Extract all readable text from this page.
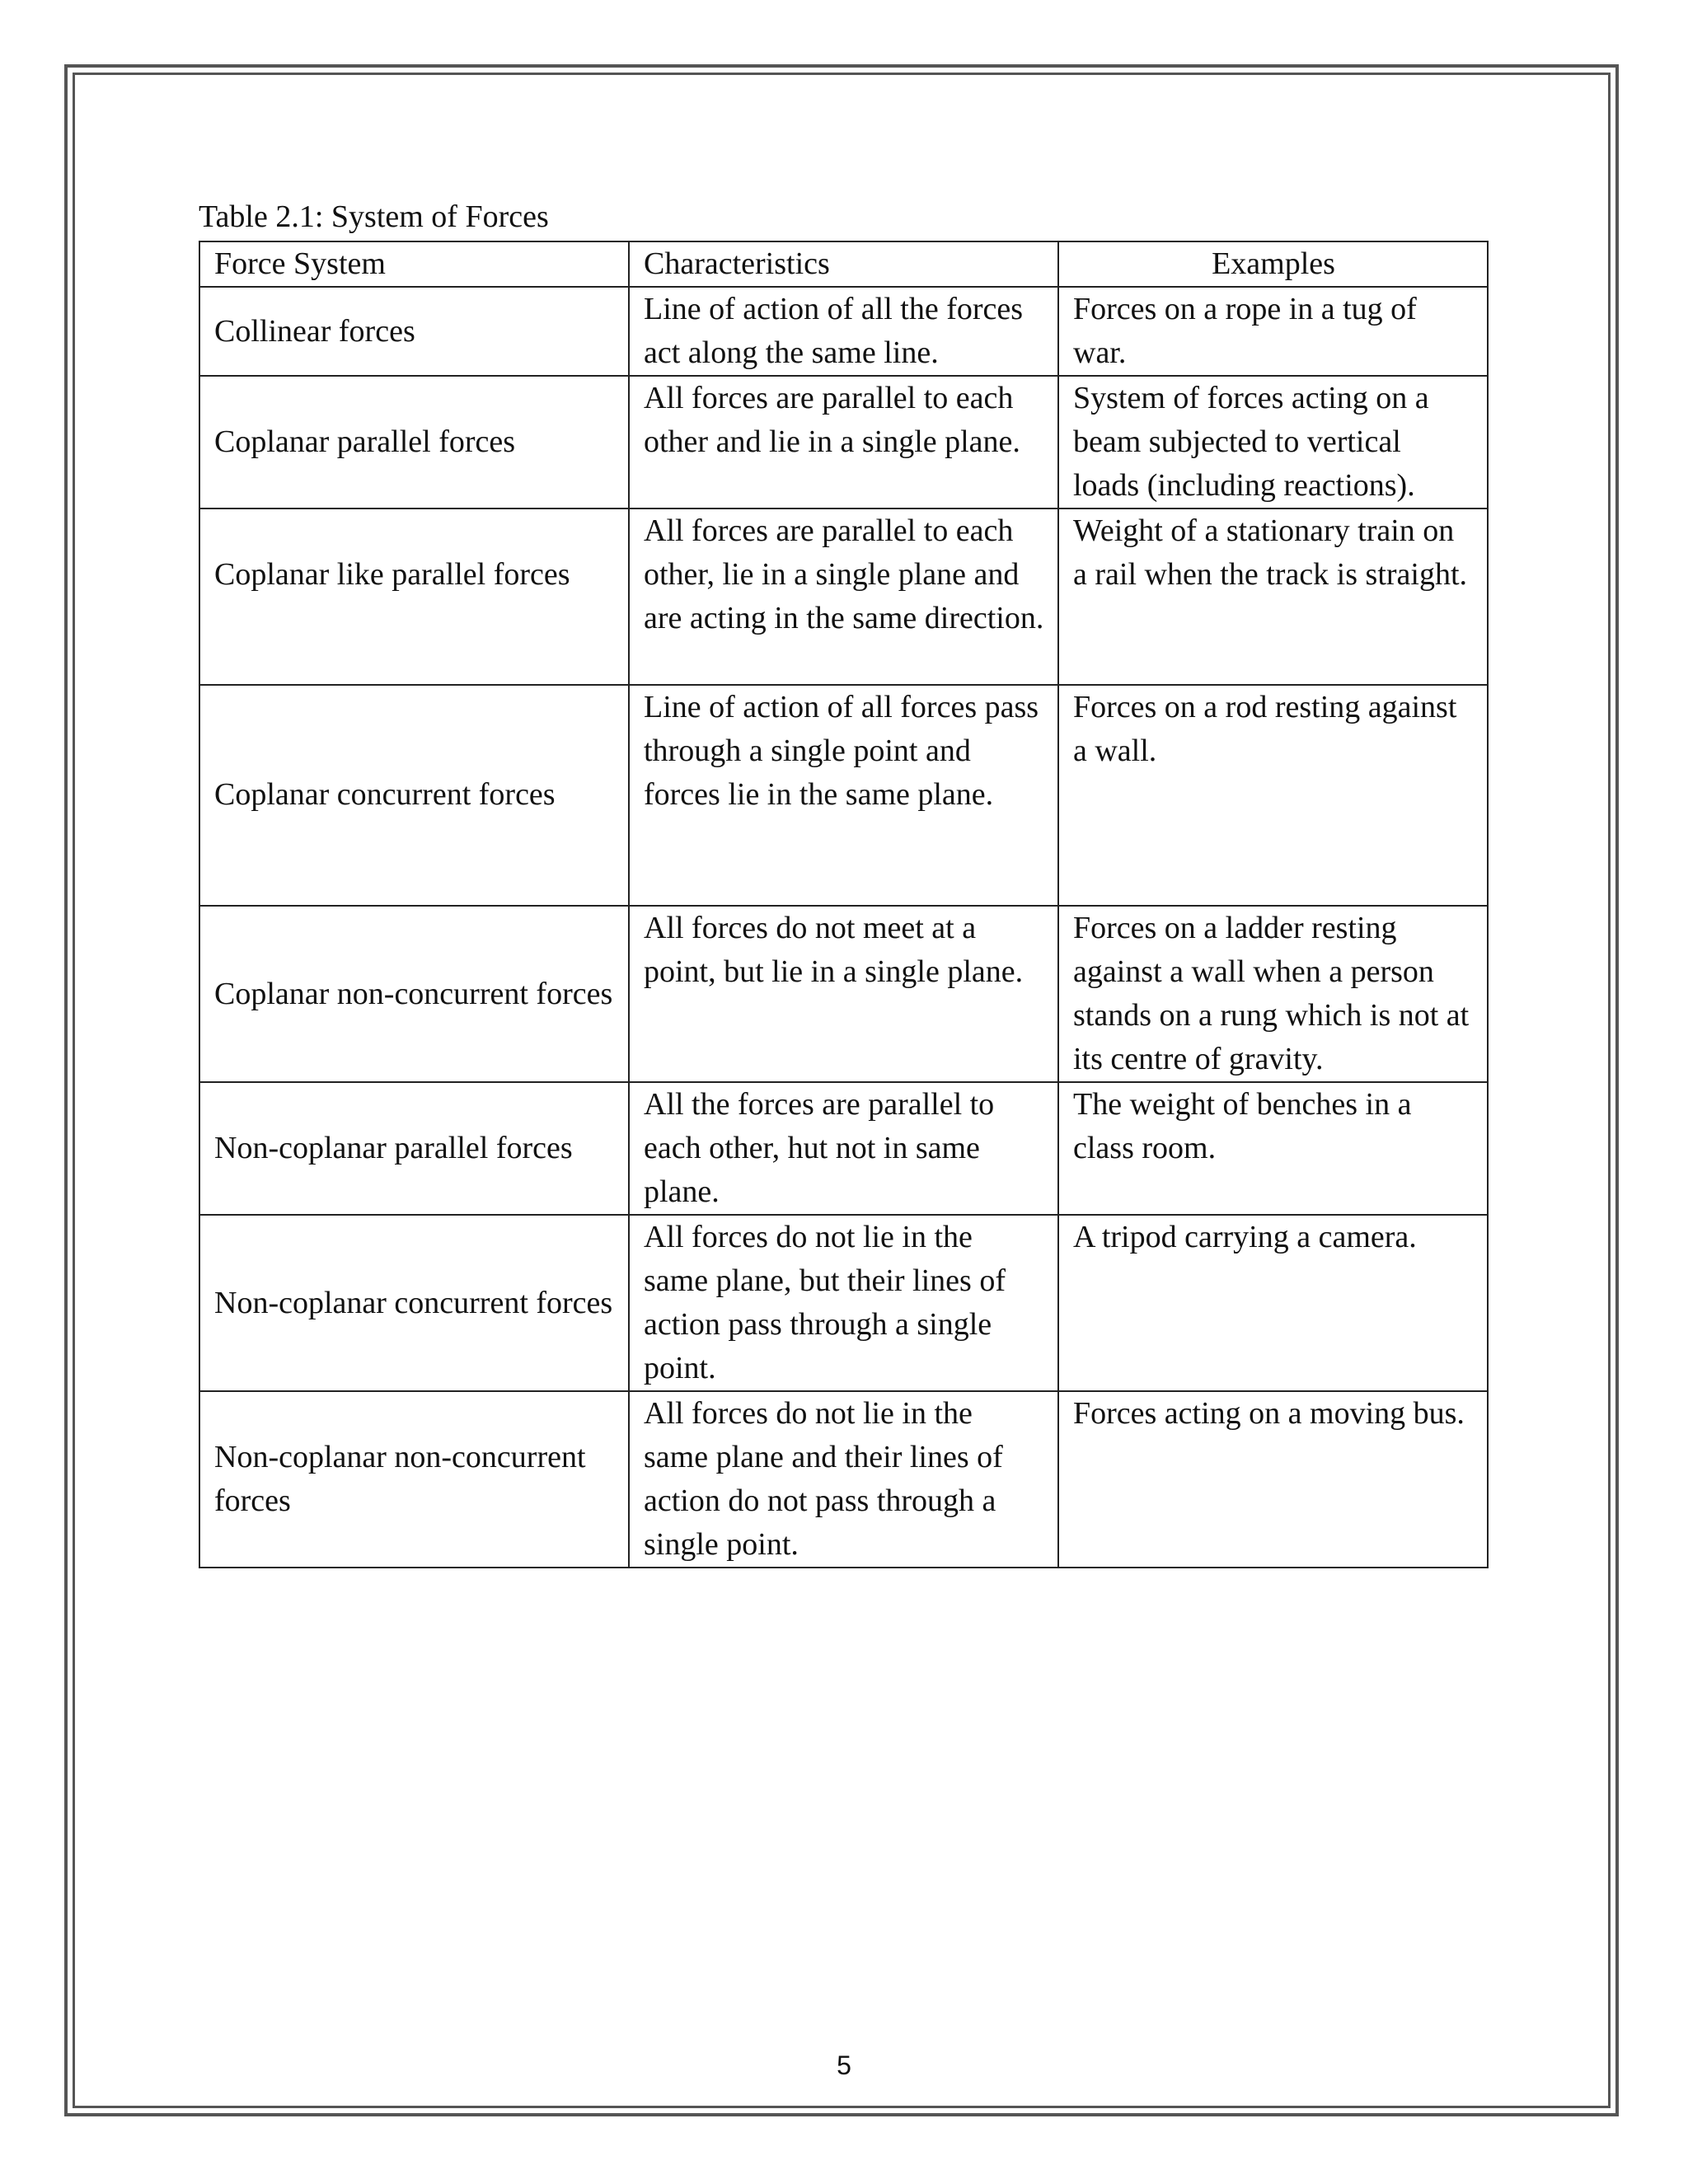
Table 2.1: System of Forces
Force System	Characteristics	Examples
Collinear forces	Line of action of all the forces act along the same line.	Forces on a rope in a tug of war.
Coplanar parallel forces	All forces are parallel to each other and lie in a single plane.	System of forces acting on a beam subjected to vertical loads (including reactions).
Coplanar like parallel forces	All forces are parallel to each other, lie in a single plane and are acting in the same direction.	Weight of a stationary train on a rail when the track is straight.
Coplanar concurrent forces	Line of action of all forces pass through a single point and forces lie in the same plane.	Forces on a rod resting against a wall.
Coplanar non-concurrent forces	All forces do not meet at a point, but lie in a single plane.	Forces on a ladder resting against a wall when a person stands on a rung which is not at its centre of gravity.
Non-coplanar parallel forces	All the forces are parallel to each other, hut not in same plane.	The weight of benches in a class room.
Non-coplanar concurrent forces	All forces do not lie in the same plane, but their lines of action pass through a single point.	A tripod carrying a camera.
Non-coplanar non-concurrent forces	All forces do not lie in the same plane and their lines of action do not pass through a single point.	Forces acting on a moving bus.
5
